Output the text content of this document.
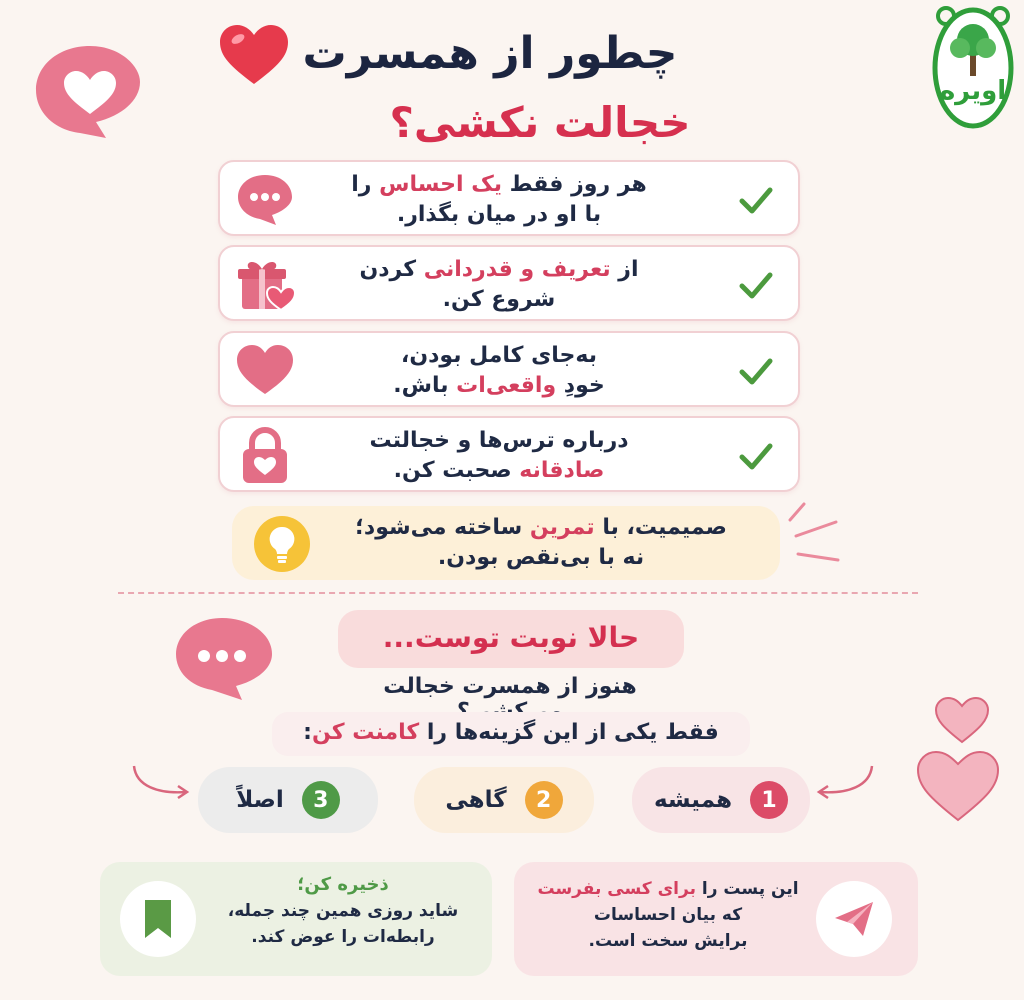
چطور از همسرت
خجالت نکشی؟
اویره
هر روز فقط یک احساس را
با او در میان بگذار.
از تعریف و قدردانی کردن
شروع کن.
به‌جای کامل بودن،
خودِ واقعی‌ات باش.
درباره ترس‌ها و خجالتت
صادقانه صحبت کن.
صمیمیت، با تمرین ساخته می‌شود؛
نه با بی‌نقص بودن.
حالا نوبت توست...
هنوز از همسرت خجالت
فقط یکی از این گزینه‌ها را کامنت کن:
1
همیشه
2
گاهی
3
اصلاً
ذخیره کن؛
شاید روزی همین چند جمله،
رابطه‌ات را عوض کند.
این پست را برای کسی بفرست
که بیان احساسات
برایش سخت است.
